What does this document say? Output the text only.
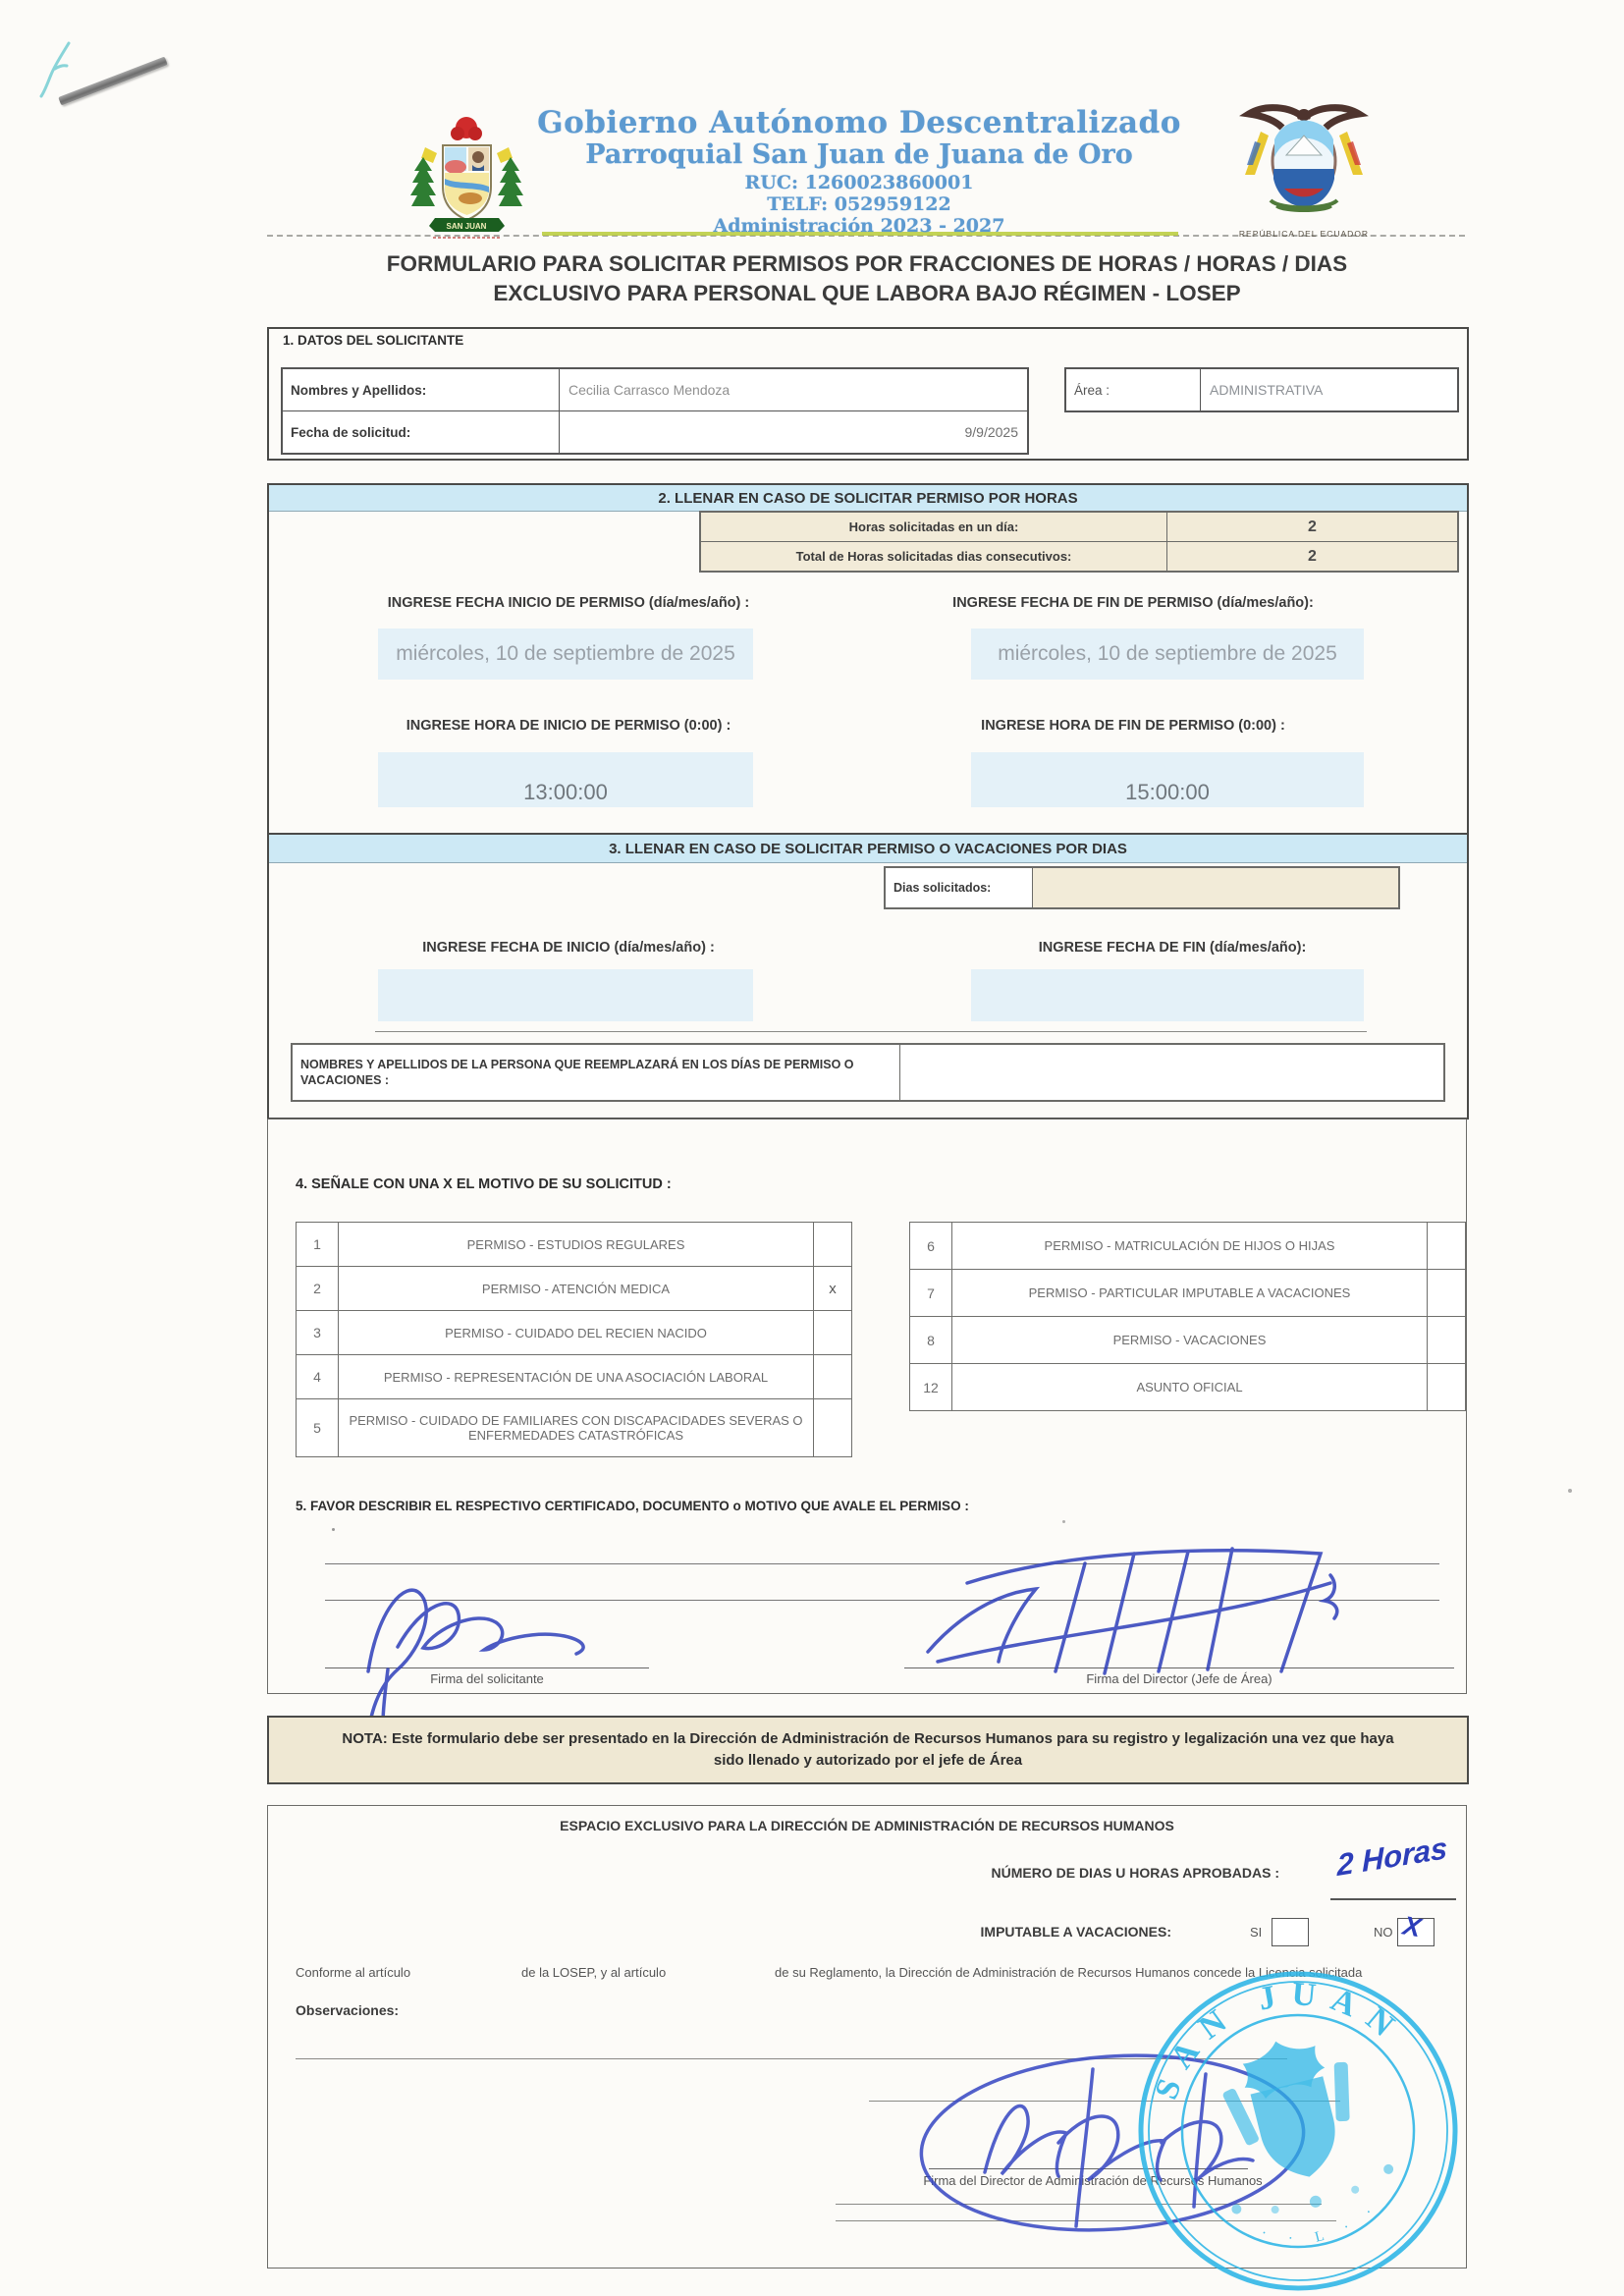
SAN JUAN
Gobierno Autónomo Descentralizado
Parroquial San Juan de Juana de Oro
RUC: 1260023860001
TELF: 052959122
Administración 2023 - 2027	REPÚBLICA DEL ECUADOR
FORMULARIO PARA SOLICITAR PERMISOS POR FRACCIONES DE HORAS / HORAS / DIAS
EXCLUSIVO PARA PERSONAL QUE LABORA BAJO RÉGIMEN - LOSEP
1. DATOS DEL SOLICITANTE
Nombres y Apellidos:	Cecilia Carrasco Mendoza
Fecha de solicitud:	9/9/2025
Área :	ADMINISTRATIVA
2. LLENAR EN CASO DE SOLICITAR PERMISO POR HORAS
Horas solicitadas en un día:	2
Total de Horas solicitadas dias consecutivos:	2
INGRESE FECHA INICIO DE PERMISO (día/mes/año) :	INGRESE FECHA DE FIN DE PERMISO (día/mes/año):
miércoles, 10 de septiembre de 2025	miércoles, 10 de septiembre de 2025
INGRESE HORA DE INICIO DE PERMISO (0:00) :	INGRESE HORA DE FIN DE PERMISO (0:00) :
13:00:00	15:00:00
3. LLENAR EN CASO DE SOLICITAR PERMISO O VACACIONES POR DIAS
Dias solicitados:
INGRESE FECHA DE INICIO (día/mes/año) :	INGRESE FECHA DE FIN (día/mes/año):
NOMBRES Y APELLIDOS DE LA PERSONA QUE REEMPLAZARÁ EN LOS DÍAS DE PERMISO O VACACIONES :
4. SEÑALE CON UNA X EL MOTIVO DE SU SOLICITUD :
1	PERMISO - ESTUDIOS REGULARES
2	PERMISO - ATENCIÓN MEDICA	x
3	PERMISO - CUIDADO DEL RECIEN NACIDO
4	PERMISO - REPRESENTACIÓN DE UNA ASOCIACIÓN LABORAL
5	PERMISO - CUIDADO DE FAMILIARES CON DISCAPACIDADES SEVERAS O ENFERMEDADES CATASTRÓFICAS
6	PERMISO - MATRICULACIÓN DE HIJOS O HIJAS
7	PERMISO - PARTICULAR IMPUTABLE A VACACIONES
8	PERMISO - VACACIONES
12	ASUNTO OFICIAL
5. FAVOR DESCRIBIR EL RESPECTIVO CERTIFICADO, DOCUMENTO o MOTIVO QUE AVALE EL PERMISO :
Firma del solicitante	Firma del Director (Jefe de Área)
NOTA: Este formulario debe ser presentado en la Dirección de Administración de Recursos Humanos para su registro y legalización una vez que haya
sido llenado y autorizado por el jefe de Área
ESPACIO EXCLUSIVO PARA LA DIRECCIÓN DE ADMINISTRACIÓN DE RECURSOS HUMANOS
NÚMERO DE DIAS U HORAS APROBADAS : 2 Horas
IMPUTABLE A VACACIONES:	SI	NO X
Conforme al artículo	de la LOSEP, y al artículo	de su Reglamento, la Dirección de Administración de Recursos Humanos concede la Licencia solicitada
Observaciones:
Firma del Director de Administración de Recursos Humanos
SAN JUAN
· · L · ·
